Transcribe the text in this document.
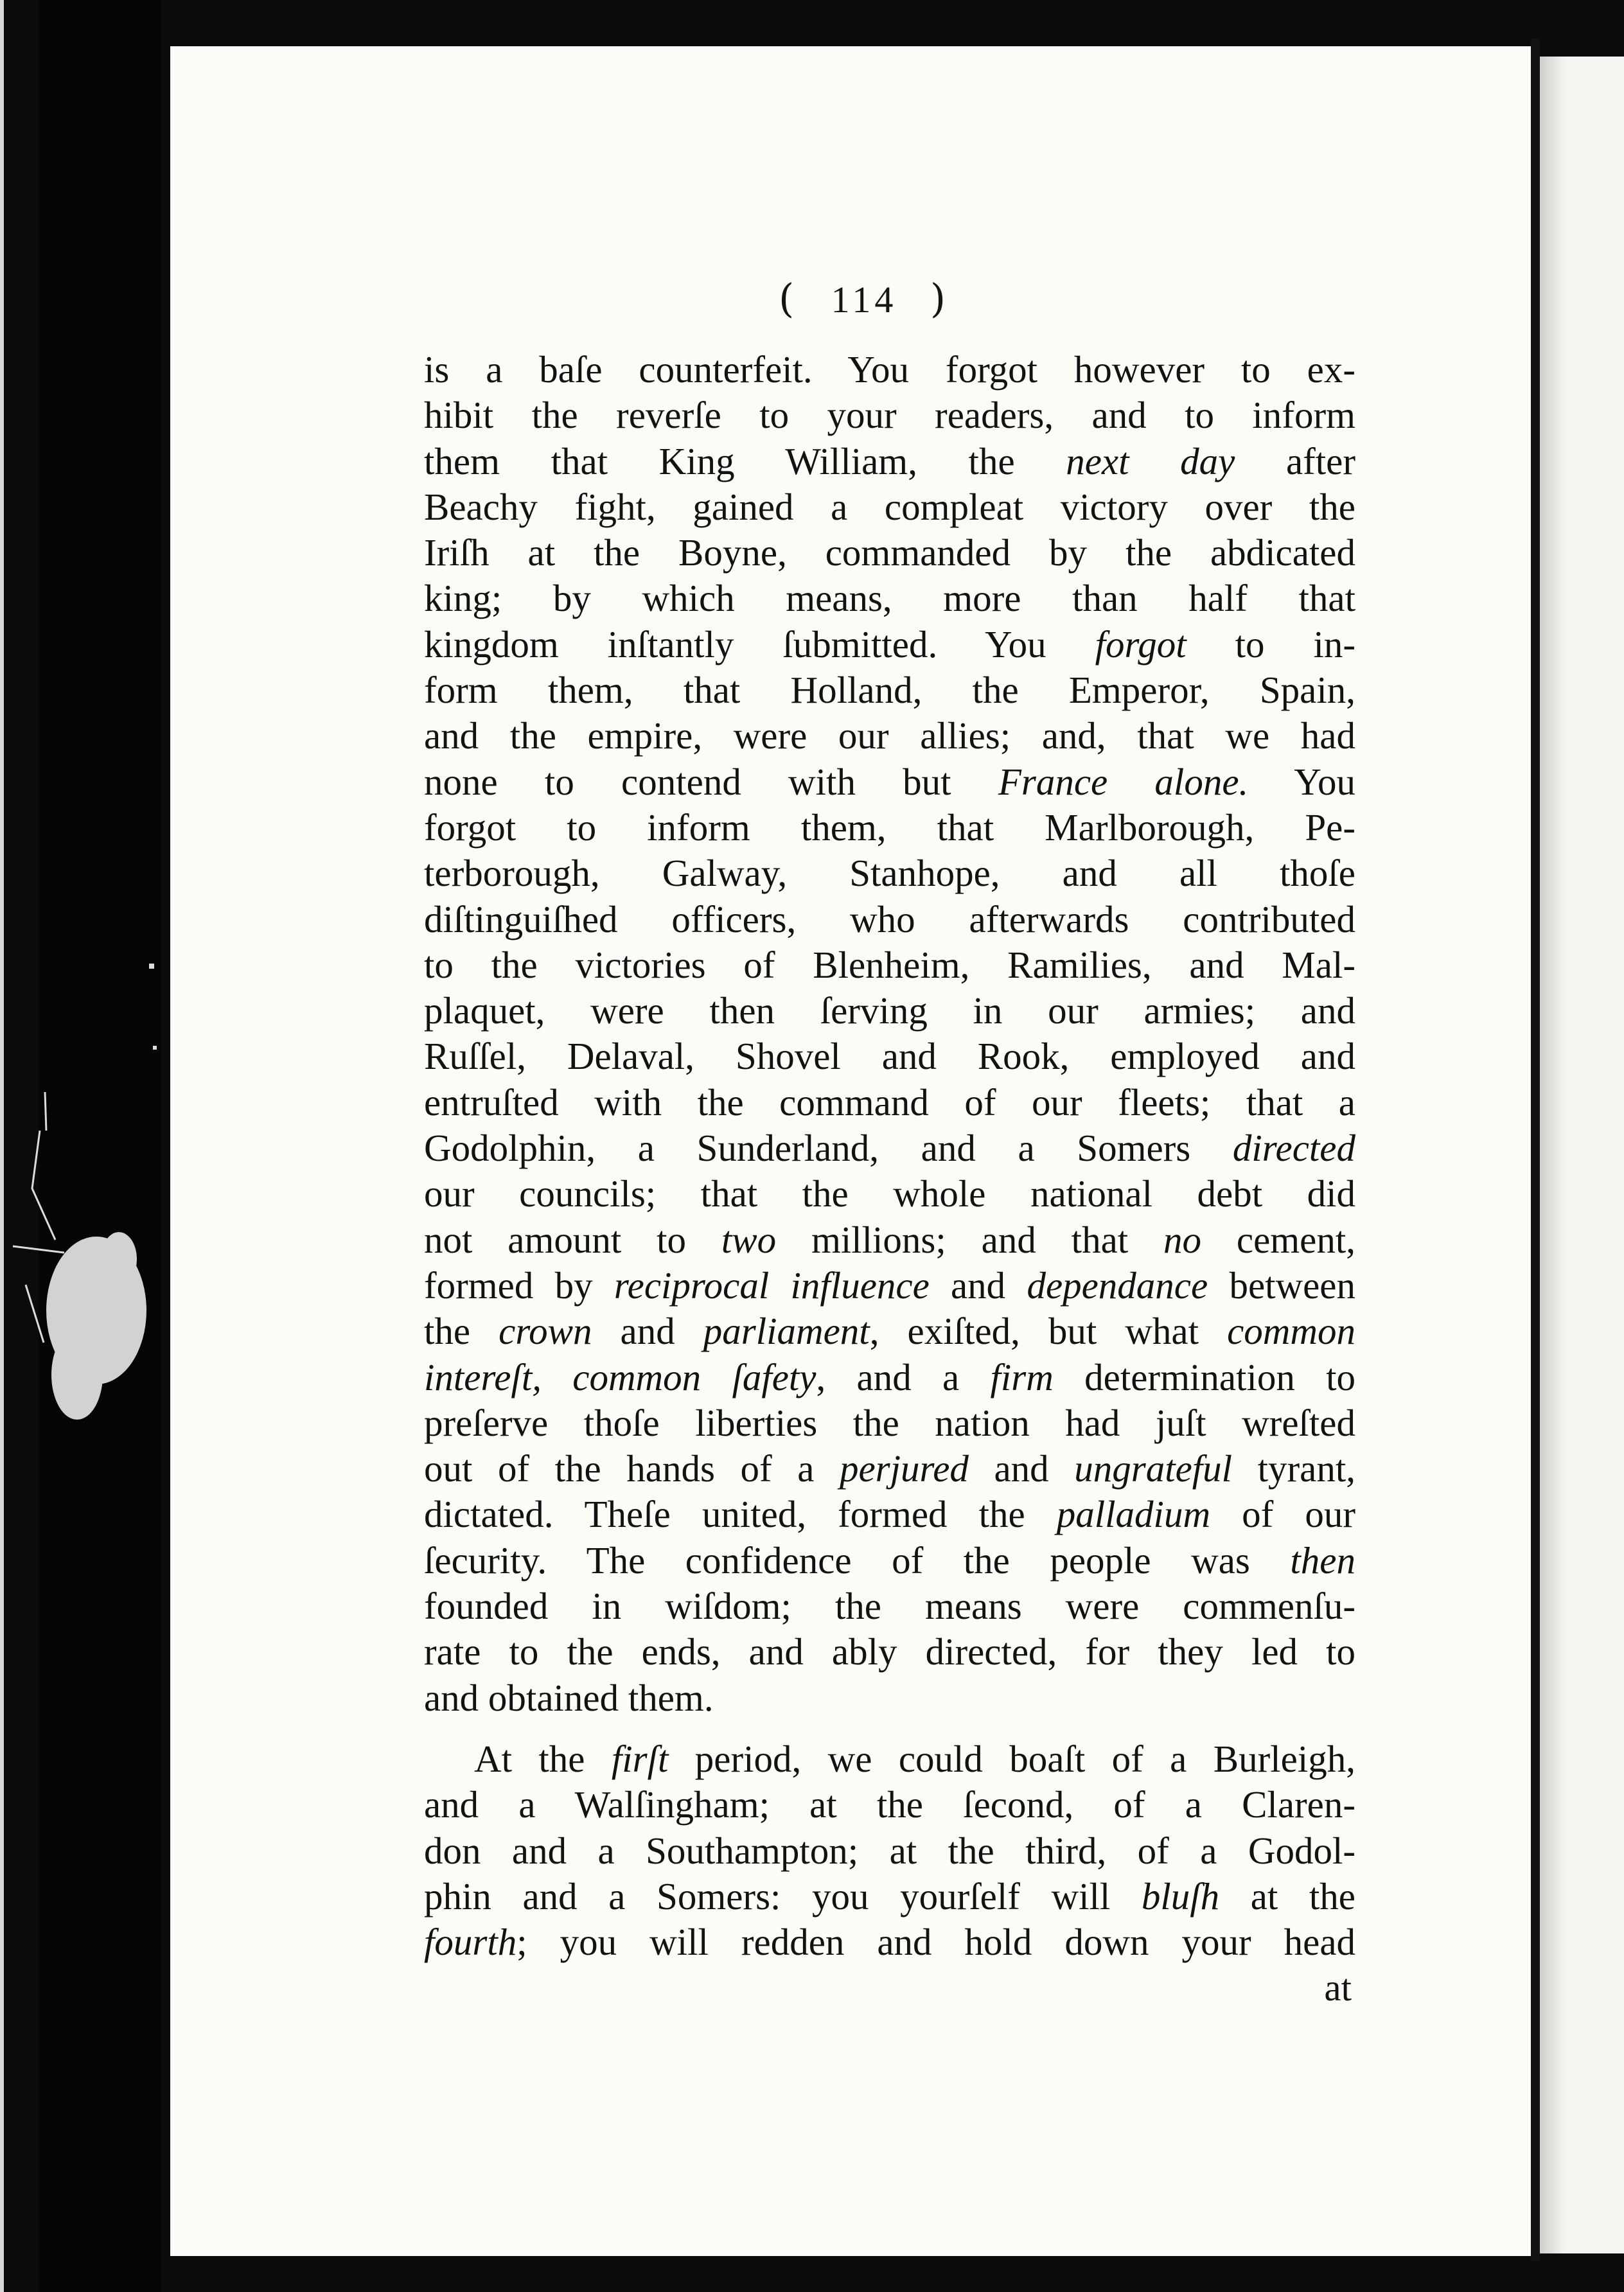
( 114 )
is a baſe counterfeit. You forgot however to ex-
hibit the reverſe to your readers, and to inform
them that King William, the next day after
Beachy fight, gained a compleat victory over the
Iriſh at the Boyne, commanded by the abdicated
king; by which means, more than half that
kingdom inſtantly ſubmitted. You forgot to in-
form them, that Holland, the Emperor, Spain,
and the empire, were our allies; and, that we had
none to contend with but France alone. You
forgot to inform them, that Marlborough, Pe-
terborough, Galway, Stanhope, and all thoſe
diſtinguiſhed officers, who afterwards contributed
to the victories of Blenheim, Ramilies, and Mal-
plaquet, were then ſerving in our armies; and
Ruſſel, Delaval, Shovel and Rook, employed and
entruſted with the command of our fleets; that a
Godolphin, a Sunderland, and a Somers directed
our councils; that the whole national debt did
not amount to two millions; and that no cement,
formed by reciprocal influence and dependance between
the crown and parliament, exiſted, but what common
intereſt, common ſafety, and a firm determination to
preſerve thoſe liberties the nation had juſt wreſted
out of the hands of a perjured and ungrateful tyrant,
dictated. Theſe united, formed the palladium of our
ſecurity. The confidence of the people was then
founded in wiſdom; the means were commenſu-
rate to the ends, and ably directed, for they led to
and obtained them.
At the firſt period, we could boaſt of a Burleigh,
and a Walſingham; at the ſecond, of a Claren-
don and a Southampton; at the third, of a Godol-
phin and a Somers: you yourſelf will bluſh at the
fourth; you will redden and hold down your head
at
